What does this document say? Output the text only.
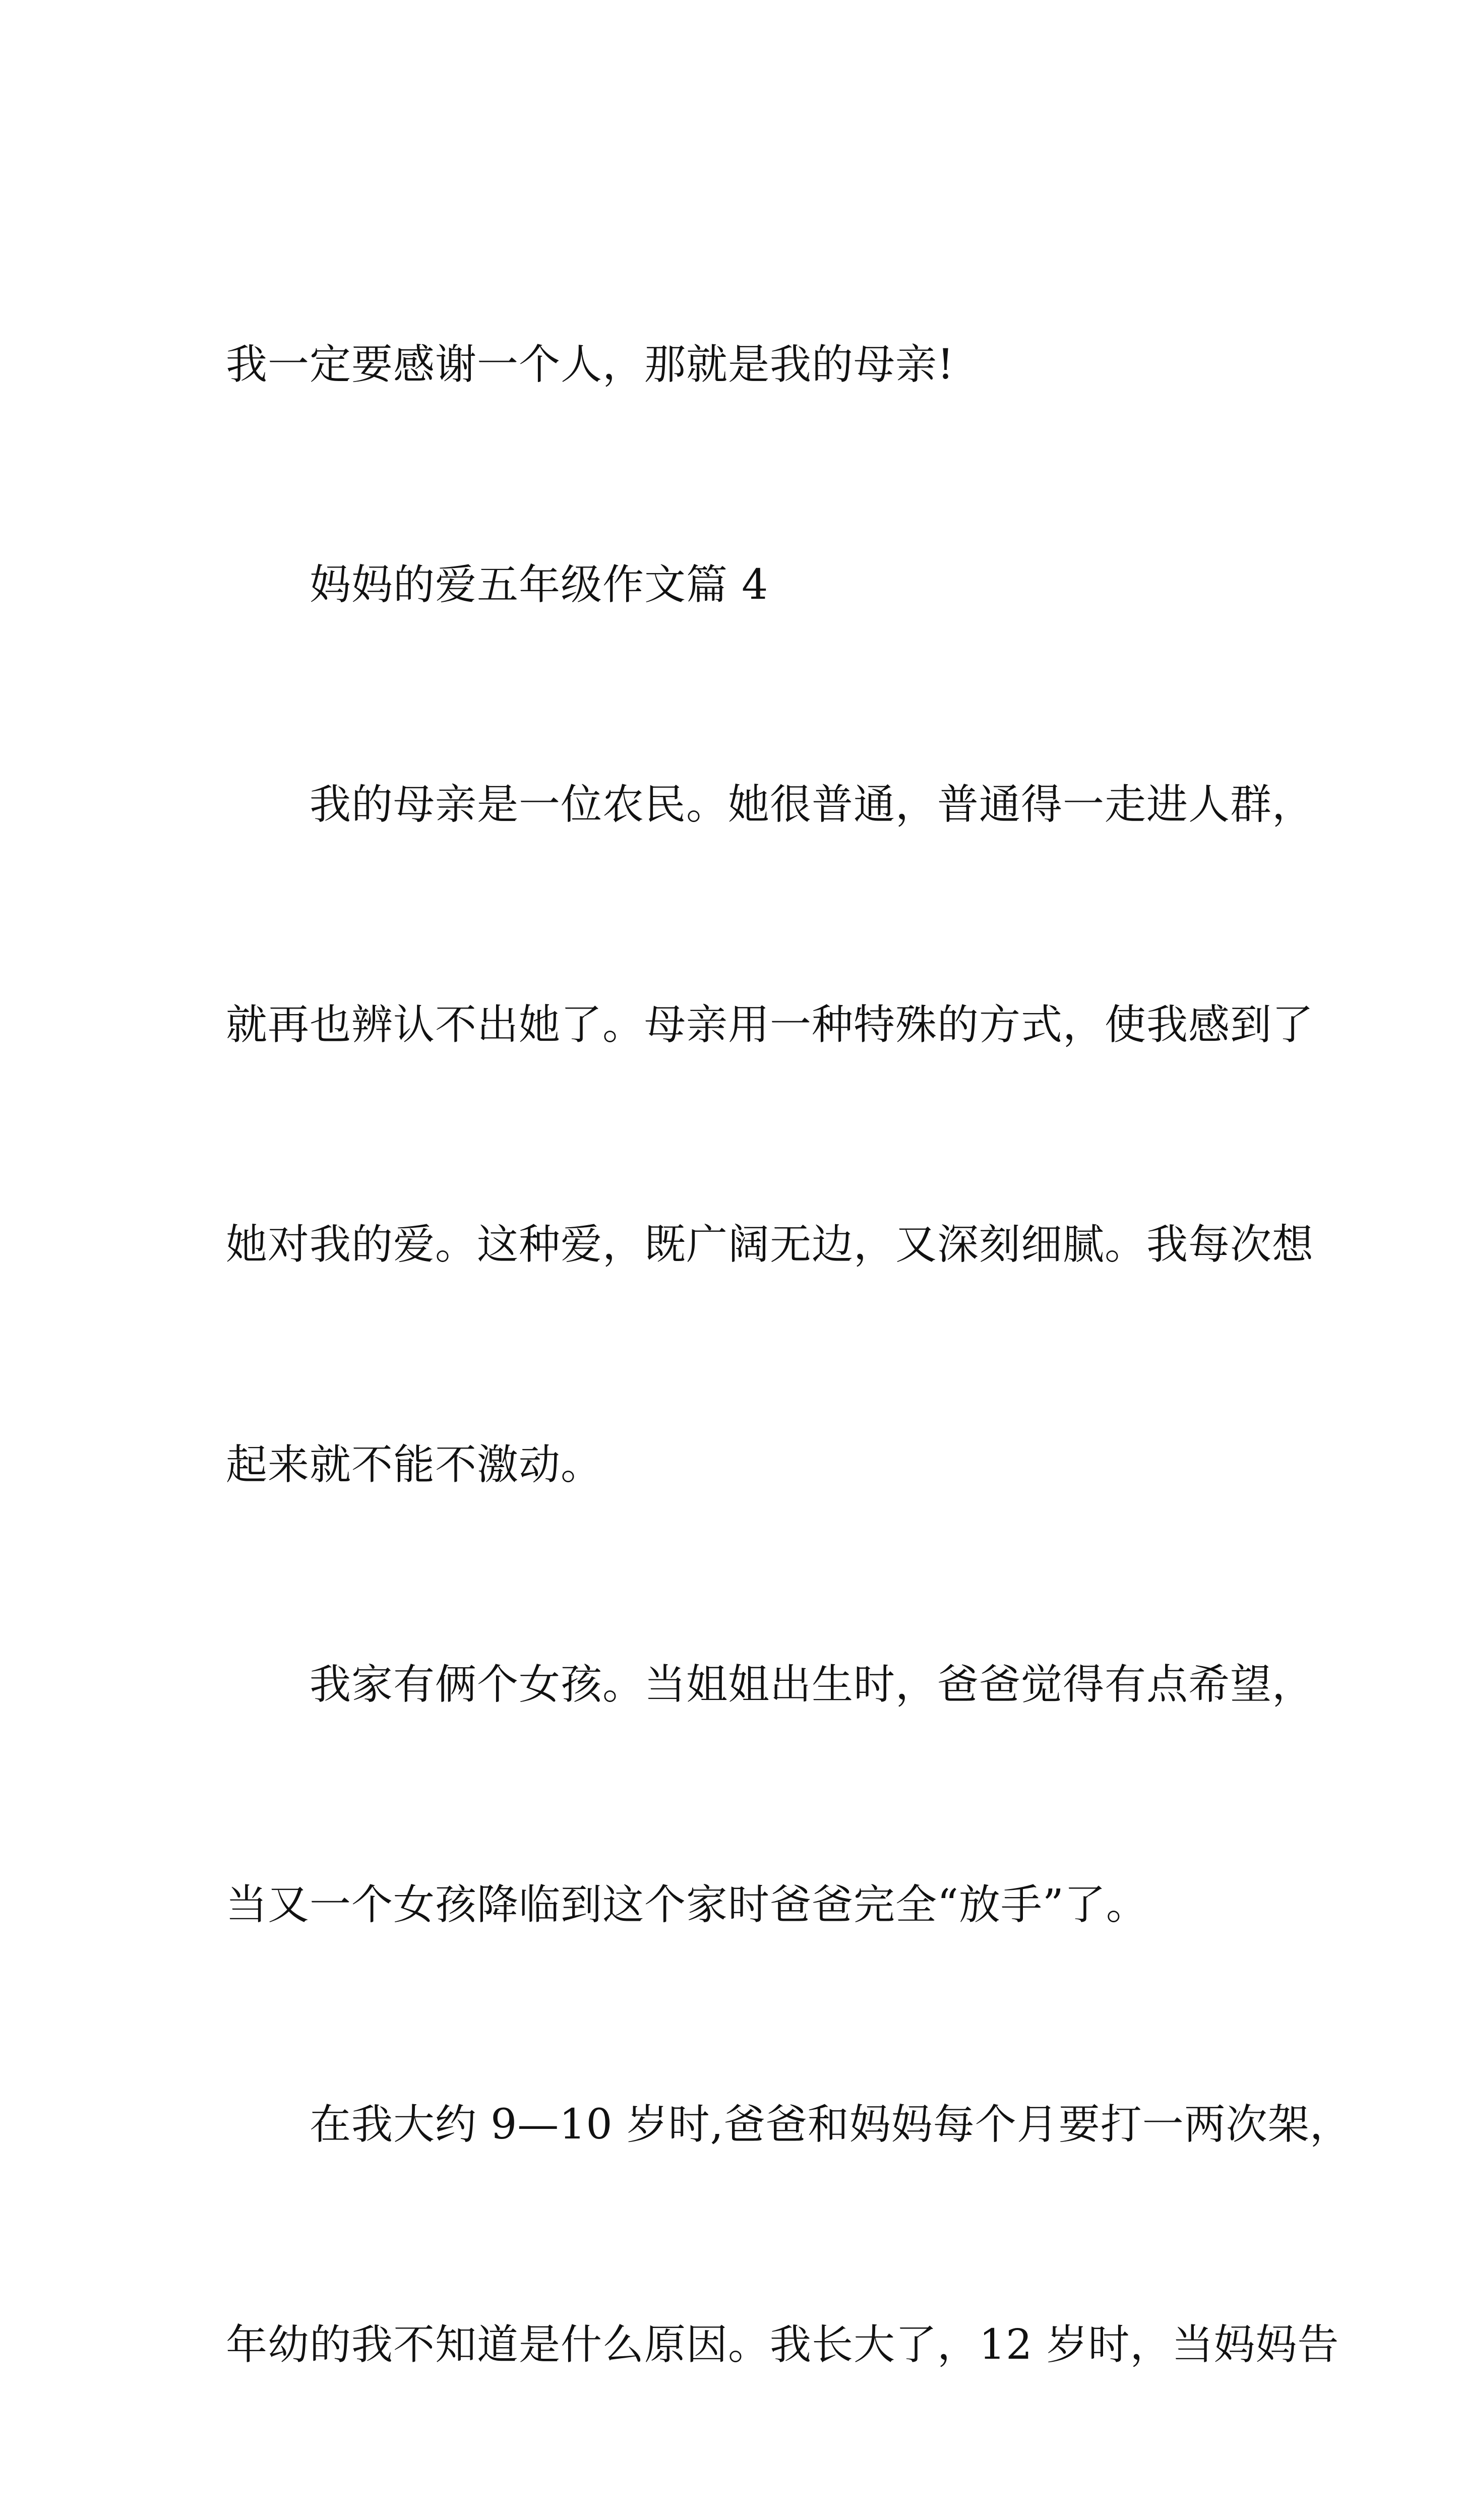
我一定要感谢一个人，那就是我的母亲!

　　妈妈的爱五年级作文篇 4

　　我的母亲是一位农民。她很普通，普通得一走进人群，

就再也辨认不出她了。母亲用一种特殊的方式，使我感到了

她对我的爱。这种爱，既广阔无边，又深刻细腻。我每次想

起来就不能不激动。

　　我家有俩个女孩。当姐姐出生时，爸爸觉得有点希望，

当又一个女孩降临到这个家时爸爸完全“放手”了。

　　在我大约 9—10 岁时,爸爸和妈妈每个月要打一两次架，

年幼的我不知道是什么原因。我长大了，12 岁时，当妈妈告
